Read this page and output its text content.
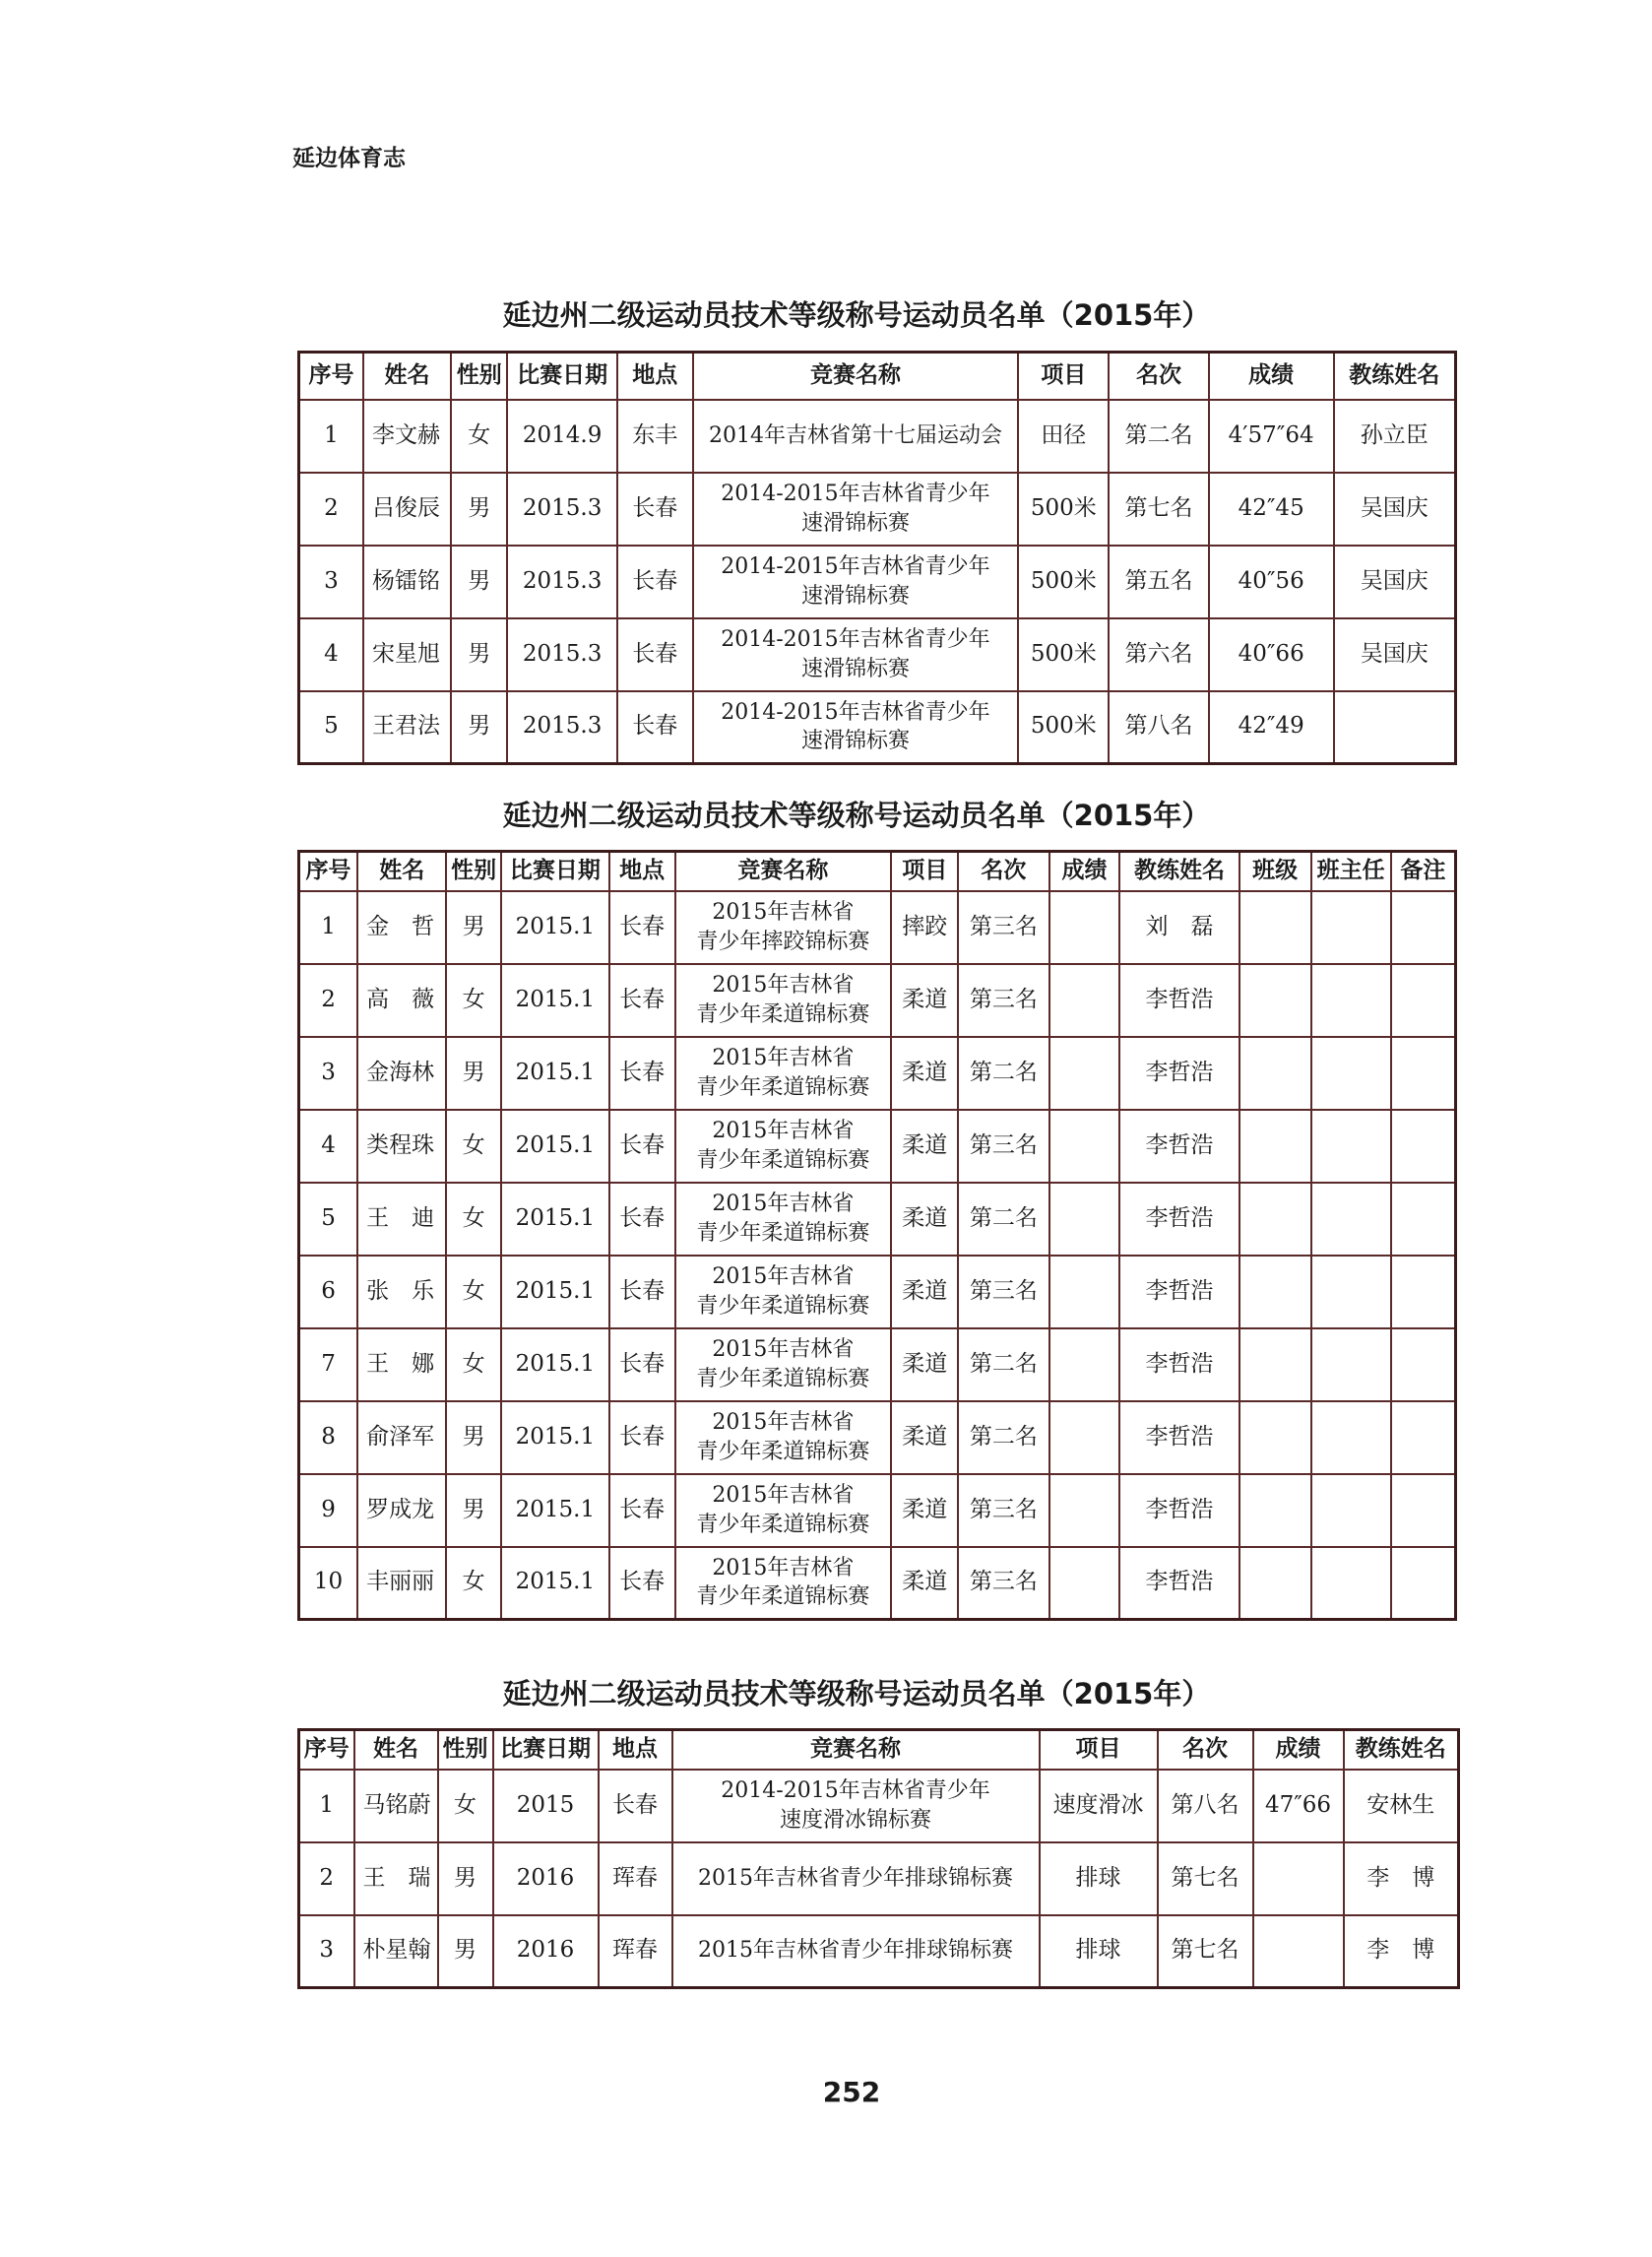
延边体育志
延边州二级运动员技术等级称号运动员名单（2015年）
序号	姓名	性别	比赛日期	地点	竞赛名称	项目	名次	成绩	教练姓名
1	李文赫	女	2014.9	东丰	2014年吉林省第十七届运动会	田径	第二名	4′57″64	孙立臣
2	吕俊辰	男	2015.3	长春	2014-2015年吉林省青少年
速滑锦标赛	500米	第七名	42″45	吴国庆
3	杨镭铭	男	2015.3	长春	2014-2015年吉林省青少年
速滑锦标赛	500米	第五名	40″56	吴国庆
4	宋星旭	男	2015.3	长春	2014-2015年吉林省青少年
速滑锦标赛	500米	第六名	40″66	吴国庆
5	王君法	男	2015.3	长春	2014-2015年吉林省青少年
速滑锦标赛	500米	第八名	42″49	
延边州二级运动员技术等级称号运动员名单（2015年）
序号	姓名	性别	比赛日期	地点	竞赛名称	项目	名次	成绩	教练姓名	班级	班主任	备注
1	金　哲	男	2015.1	长春	2015年吉林省
青少年摔跤锦标赛	摔跤	第三名		刘　磊			
2	高　薇	女	2015.1	长春	2015年吉林省
青少年柔道锦标赛	柔道	第三名		李哲浩			
3	金海林	男	2015.1	长春	2015年吉林省
青少年柔道锦标赛	柔道	第二名		李哲浩			
4	类程珠	女	2015.1	长春	2015年吉林省
青少年柔道锦标赛	柔道	第三名		李哲浩			
5	王　迪	女	2015.1	长春	2015年吉林省
青少年柔道锦标赛	柔道	第二名		李哲浩			
6	张　乐	女	2015.1	长春	2015年吉林省
青少年柔道锦标赛	柔道	第三名		李哲浩			
7	王　娜	女	2015.1	长春	2015年吉林省
青少年柔道锦标赛	柔道	第二名		李哲浩			
8	俞泽军	男	2015.1	长春	2015年吉林省
青少年柔道锦标赛	柔道	第二名		李哲浩			
9	罗成龙	男	2015.1	长春	2015年吉林省
青少年柔道锦标赛	柔道	第三名		李哲浩			
10	丰丽丽	女	2015.1	长春	2015年吉林省
青少年柔道锦标赛	柔道	第三名		李哲浩			
延边州二级运动员技术等级称号运动员名单（2015年）
序号	姓名	性别	比赛日期	地点	竞赛名称	项目	名次	成绩	教练姓名
1	马铭蔚	女	2015	长春	2014-2015年吉林省青少年
速度滑冰锦标赛	速度滑冰	第八名	47″66	安林生
2	王　瑞	男	2016	珲春	2015年吉林省青少年排球锦标赛	排球	第七名		李　博
3	朴星翰	男	2016	珲春	2015年吉林省青少年排球锦标赛	排球	第七名		李　博
252
